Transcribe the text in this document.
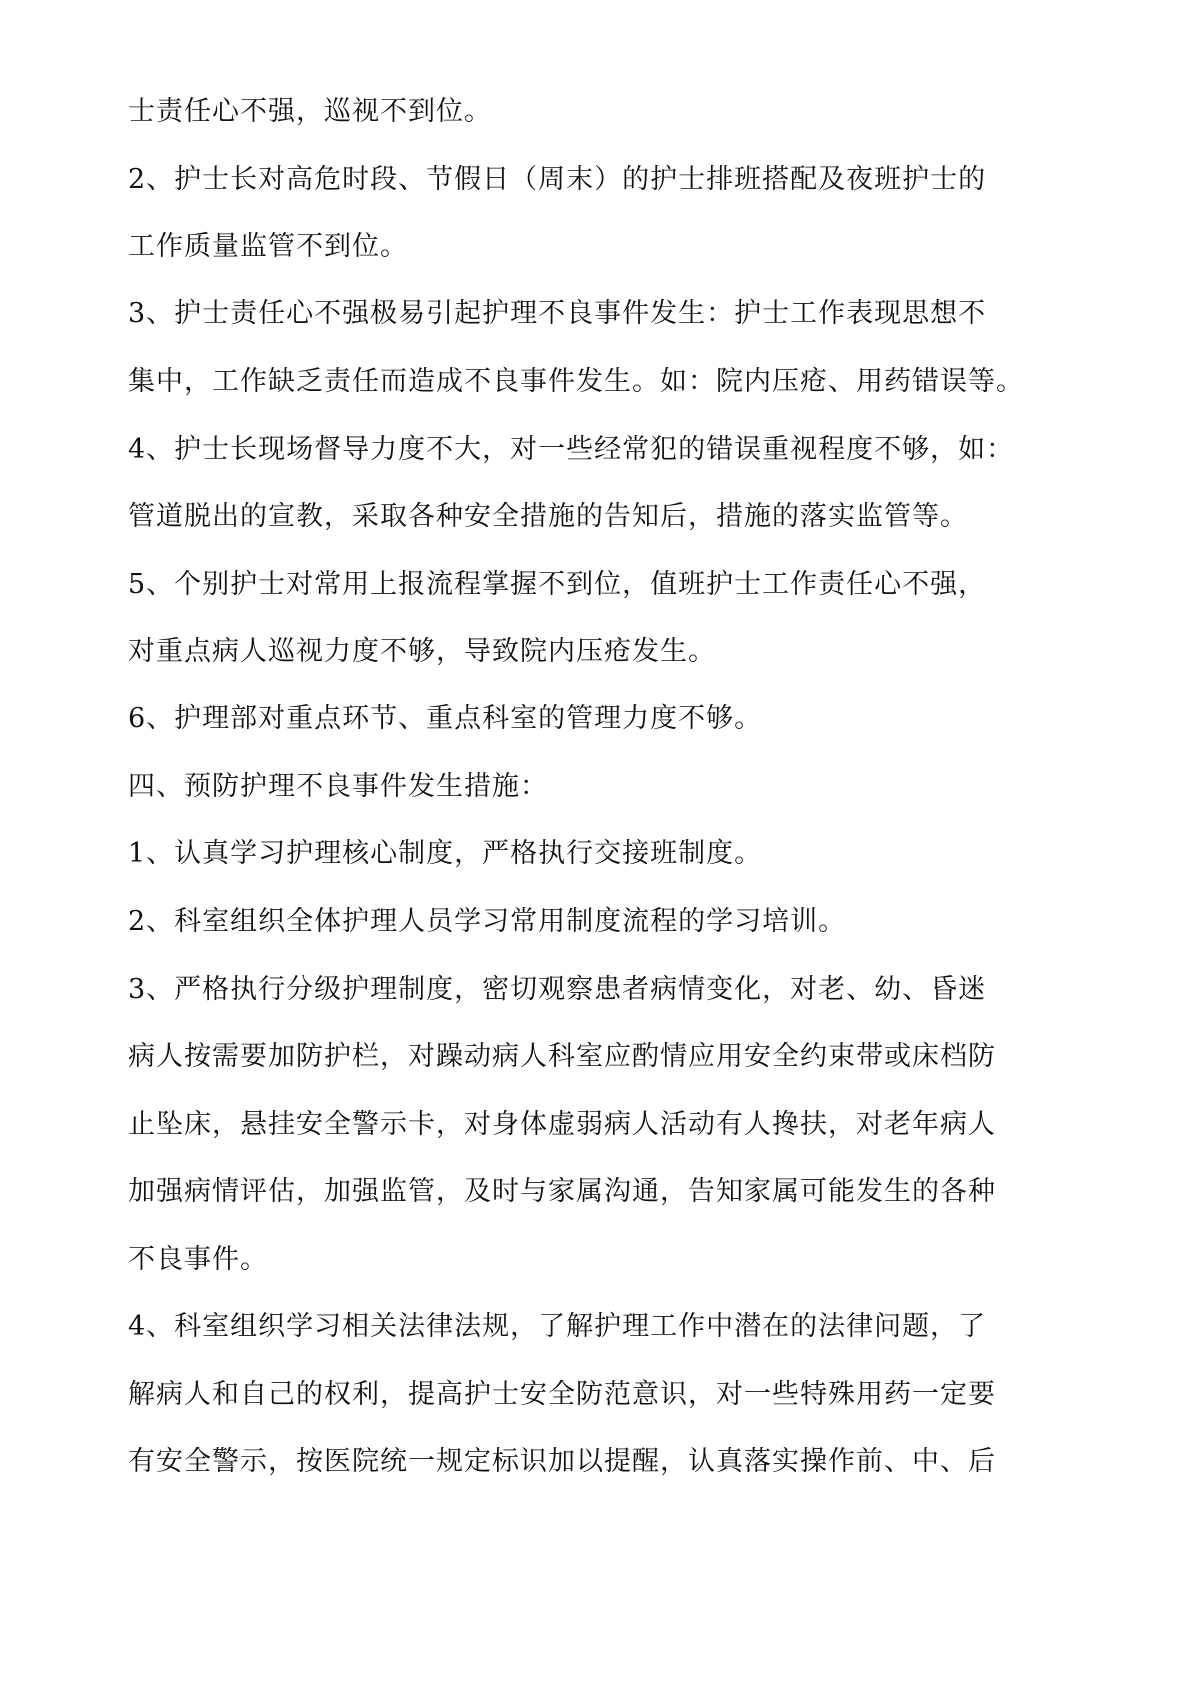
士责任心不强，巡视不到位。

2、护士长对高危时段、节假日（周末）的护士排班搭配及夜班护士的

工作质量监管不到位。

3、护士责任心不强极易引起护理不良事件发生：护士工作表现思想不

集中，工作缺乏责任而造成不良事件发生。如：院内压疮、用药错误等。

4、护士长现场督导力度不大，对一些经常犯的错误重视程度不够，如：

管道脱出的宣教，采取各种安全措施的告知后，措施的落实监管等。

5、个别护士对常用上报流程掌握不到位，值班护士工作责任心不强，

对重点病人巡视力度不够，导致院内压疮发生。

6、护理部对重点环节、重点科室的管理力度不够。

四、预防护理不良事件发生措施：

1、认真学习护理核心制度，严格执行交接班制度。

2、科室组织全体护理人员学习常用制度流程的学习培训。

3、严格执行分级护理制度，密切观察患者病情变化，对老、幼、昏迷

病人按需要加防护栏，对躁动病人科室应酌情应用安全约束带或床档防

止坠床，悬挂安全警示卡，对身体虚弱病人活动有人搀扶，对老年病人

加强病情评估，加强监管，及时与家属沟通，告知家属可能发生的各种

不良事件。

4、科室组织学习相关法律法规，了解护理工作中潜在的法律问题，了

解病人和自己的权利，提高护士安全防范意识，对一些特殊用药一定要

有安全警示，按医院统一规定标识加以提醒，认真落实操作前、中、后
